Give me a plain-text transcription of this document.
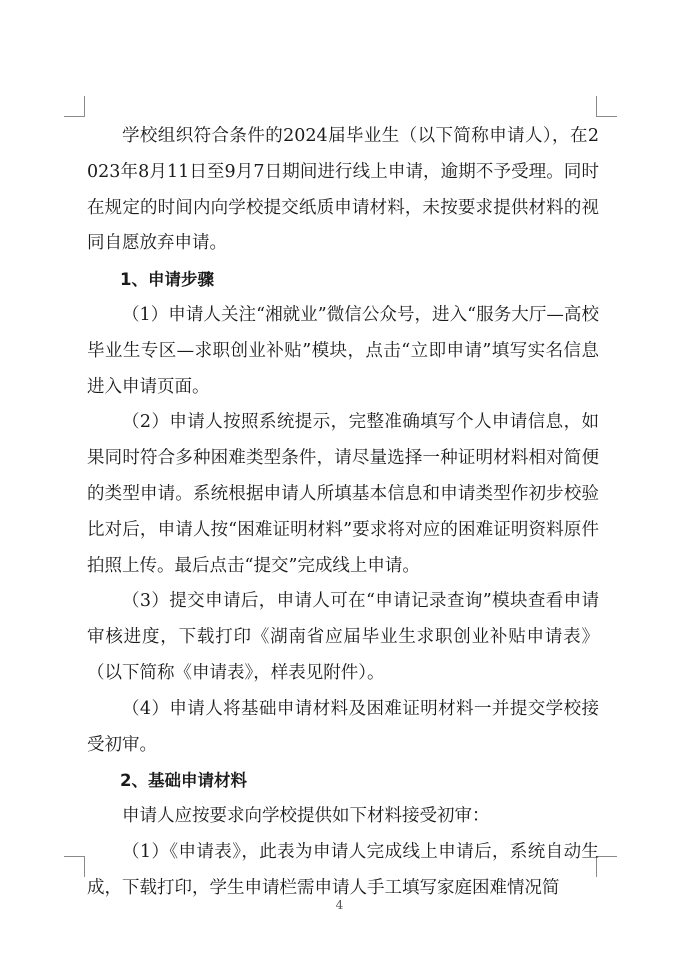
学校组织符合条件的2024届毕业生（以下简称申请人），在2023年8月11日至9月7日期间进行线上申请，逾期不予受理。同时在规定的时间内向学校提交纸质申请材料，未按要求提供材料的视同自愿放弃申请。

1、申请步骤

（1）申请人关注“湘就业”微信公众号，进入“服务大厅—高校毕业生专区—求职创业补贴”模块，点击“立即申请”填写实名信息进入申请页面。

（2）申请人按照系统提示，完整准确填写个人申请信息，如果同时符合多种困难类型条件，请尽量选择一种证明材料相对简便的类型申请。系统根据申请人所填基本信息和申请类型作初步校验比对后，申请人按“困难证明材料”要求将对应的困难证明资料原件拍照上传。最后点击“提交”完成线上申请。

（3）提交申请后，申请人可在“申请记录查询”模块查看申请审核进度，下载打印《湖南省应届毕业生求职创业补贴申请表》（以下简称《申请表》，样表见附件）。

（4）申请人将基础申请材料及困难证明材料一并提交学校接受初审。

2、基础申请材料

申请人应按要求向学校提供如下材料接受初审：

（1）《申请表》，此表为申请人完成线上申请后，系统自动生成，下载打印，学生申请栏需申请人手工填写家庭困难情况简

4
